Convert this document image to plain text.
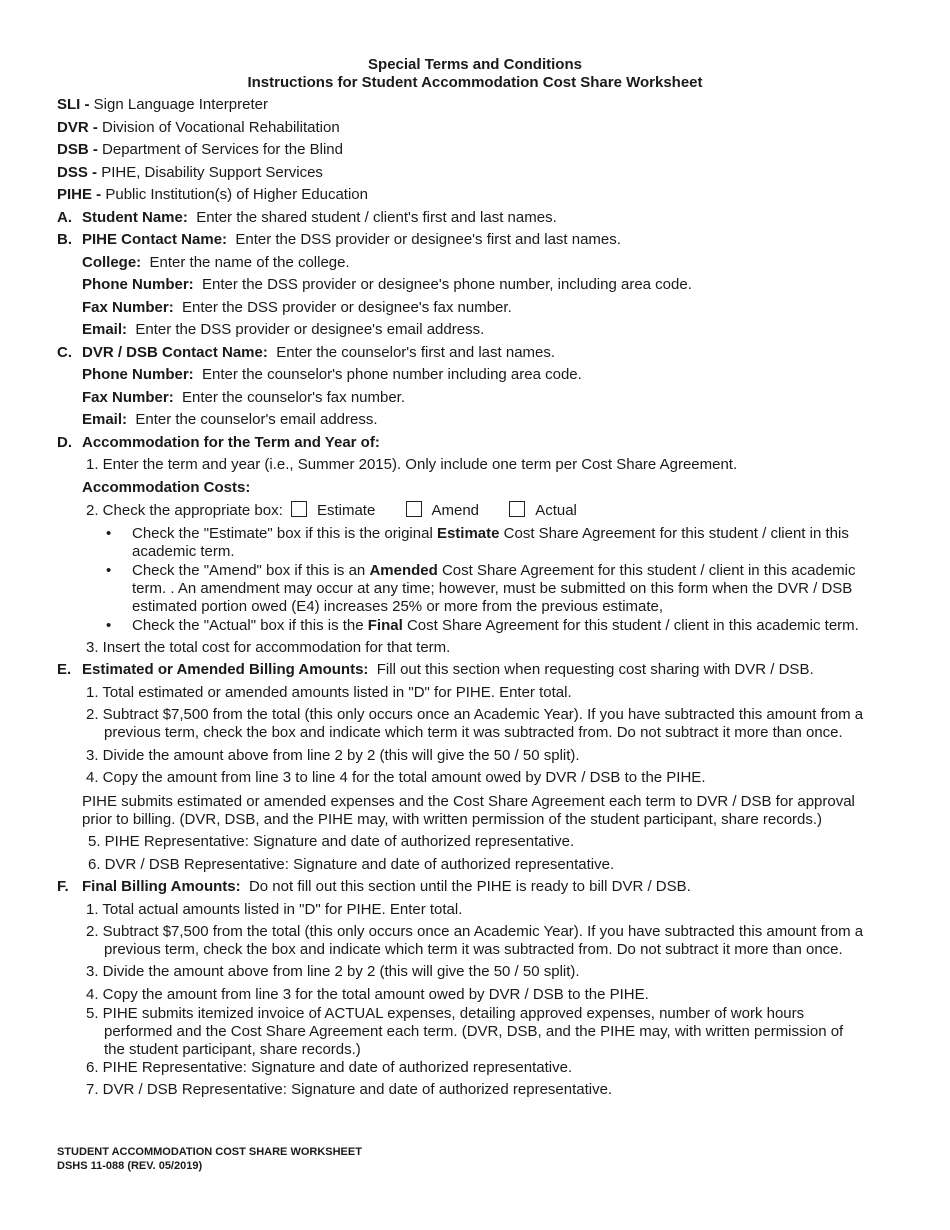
Special Terms and Conditions
Instructions for Student Accommodation Cost Share Worksheet
SLI - Sign Language Interpreter
DVR - Division of Vocational Rehabilitation
DSB - Department of Services for the Blind
DSS - PIHE, Disability Support Services
PIHE - Public Institution(s) of Higher Education
A. Student Name: Enter the shared student / client's first and last names.
B. PIHE Contact Name: Enter the DSS provider or designee's first and last names.
College: Enter the name of the college.
Phone Number: Enter the DSS provider or designee's phone number, including area code.
Fax Number: Enter the DSS provider or designee's fax number.
Email: Enter the DSS provider or designee's email address.
C. DVR / DSB Contact Name: Enter the counselor's first and last names.
Phone Number: Enter the counselor's phone number including area code.
Fax Number: Enter the counselor's fax number.
Email: Enter the counselor's email address.
D. Accommodation for the Term and Year of:
1. Enter the term and year (i.e., Summer 2015). Only include one term per Cost Share Agreement.
Accommodation Costs:
2. Check the appropriate box: Estimate	Amend	Actual
• Check the "Estimate" box if this is the original Estimate Cost Share Agreement for this student / client in this
academic term.
• Check the "Amend" box if this is an Amended Cost Share Agreement for this student / client in this academic
term. . An amendment may occur at any time; however, must be submitted on this form when the DVR / DSB
estimated portion owed (E4) increases 25% or more from the previous estimate,
• Check the "Actual" box if this is the Final Cost Share Agreement for this student / client in this academic term.
3. Insert the total cost for accommodation for that term.
E. Estimated or Amended Billing Amounts: Fill out this section when requesting cost sharing with DVR / DSB.
1. Total estimated or amended amounts listed in "D" for PIHE. Enter total.
2. Subtract $7,500 from the total (this only occurs once an Academic Year). If you have subtracted this amount from a
previous term, check the box and indicate which term it was subtracted from. Do not subtract it more than once.
3. Divide the amount above from line 2 by 2 (this will give the 50 / 50 split).
4. Copy the amount from line 3 to line 4 for the total amount owed by DVR / DSB to the PIHE.
PIHE submits estimated or amended expenses and the Cost Share Agreement each term to DVR / DSB for approval
prior to billing. (DVR, DSB, and the PIHE may, with written permission of the student participant, share records.)
5. PIHE Representative: Signature and date of authorized representative.
6. DVR / DSB Representative: Signature and date of authorized representative.
F. Final Billing Amounts: Do not fill out this section until the PIHE is ready to bill DVR / DSB.
1. Total actual amounts listed in "D" for PIHE. Enter total.
2. Subtract $7,500 from the total (this only occurs once an Academic Year). If you have subtracted this amount from a
previous term, check the box and indicate which term it was subtracted from. Do not subtract it more than once.
3. Divide the amount above from line 2 by 2 (this will give the 50 / 50 split).
4. Copy the amount from line 3 for the total amount owed by DVR / DSB to the PIHE.
5. PIHE submits itemized invoice of ACTUAL expenses, detailing approved expenses, number of work hours
performed and the Cost Share Agreement each term. (DVR, DSB, and the PIHE may, with written permission of
the student participant, share records.)
6. PIHE Representative: Signature and date of authorized representative.
7. DVR / DSB Representative: Signature and date of authorized representative.
STUDENT ACCOMMODATION COST SHARE WORKSHEET
DSHS 11-088 (REV. 05/2019)
